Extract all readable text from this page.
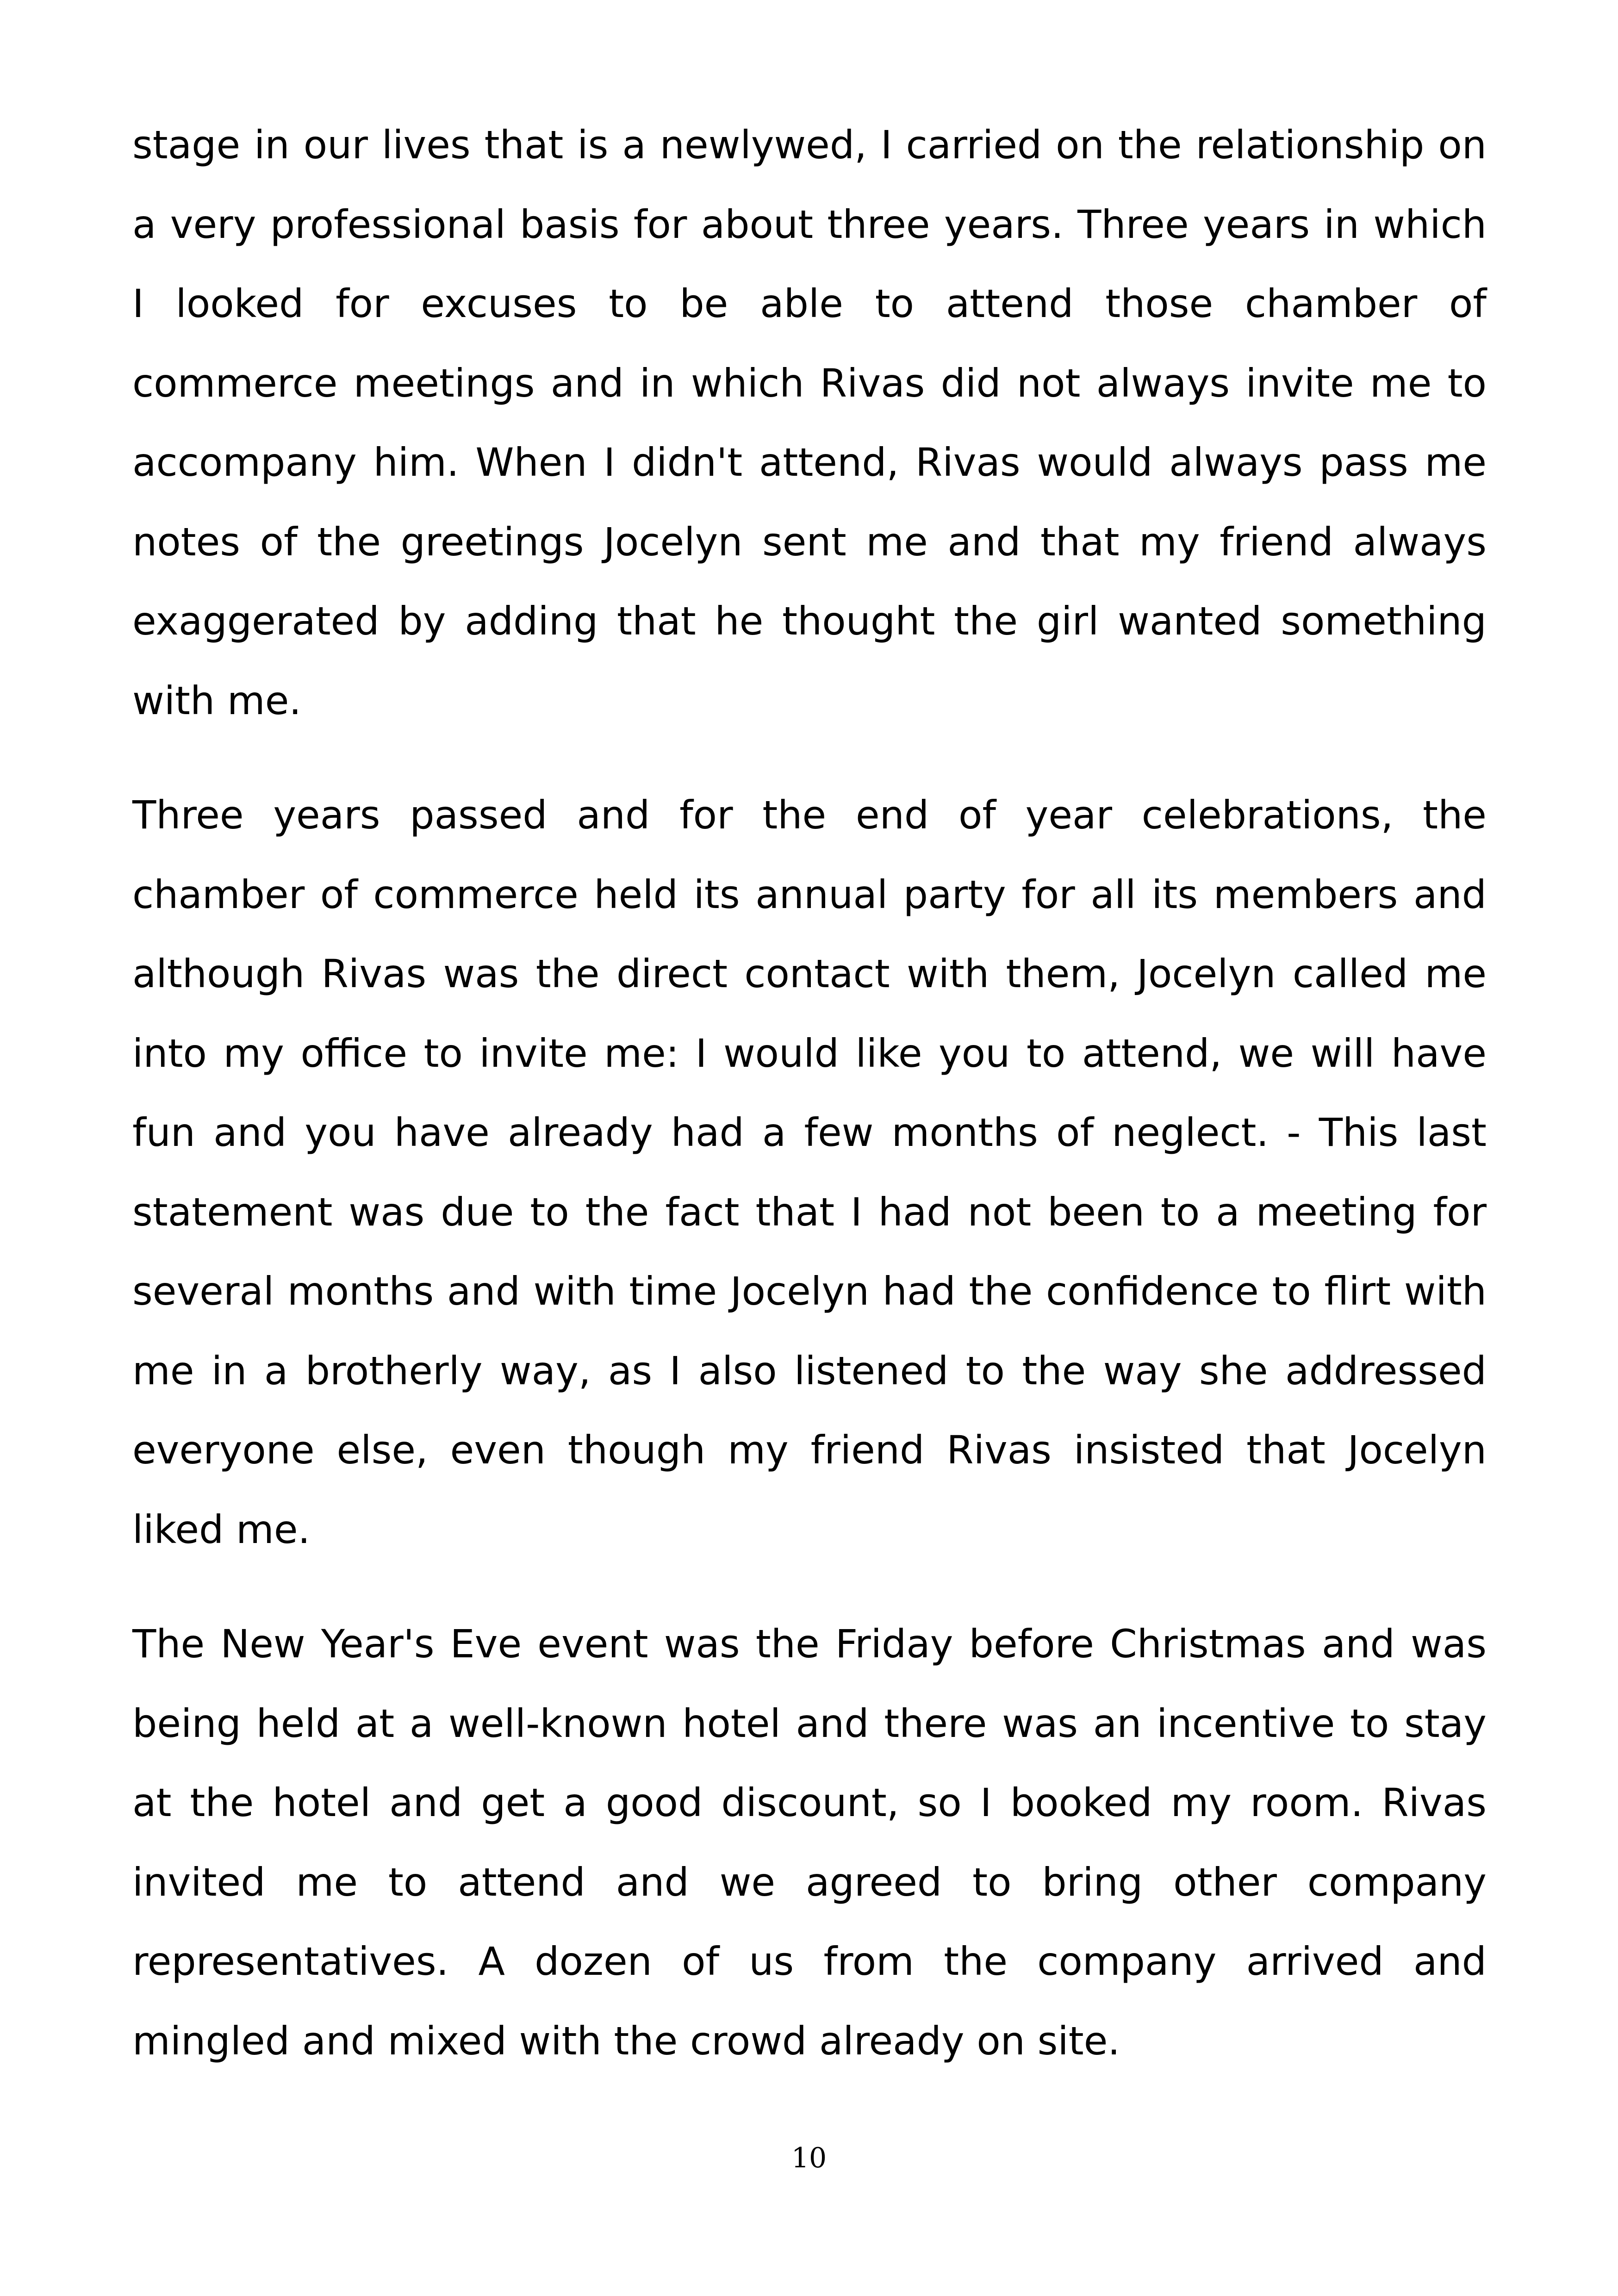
stage in our lives that is a newlywed, I carried on the relationship on a very professional basis for about three years. Three years in which I looked for excuses to be able to attend those chamber of commerce meetings and in which Rivas did not always invite me to accompany him. When I didn't attend, Rivas would always pass me notes of the greetings Jocelyn sent me and that my friend always exaggerated by adding that he thought the girl wanted something with me.

Three years passed and for the end of year celebrations, the chamber of commerce held its annual party for all its members and although Rivas was the direct contact with them, Jocelyn called me into my office to invite me: I would like you to attend, we will have fun and you have already had a few months of neglect. - This last statement was due to the fact that I had not been to a meeting for several months and with time Jocelyn had the confidence to flirt with me in a brotherly way, as I also listened to the way she addressed everyone else, even though my friend Rivas insisted that Jocelyn liked me.

The New Year's Eve event was the Friday before Christmas and was being held at a well-known hotel and there was an incentive to stay at the hotel and get a good discount, so I booked my room. Rivas invited me to attend and we agreed to bring other company representatives. A dozen of us from the company arrived and mingled and mixed with the crowd already on site.

10
